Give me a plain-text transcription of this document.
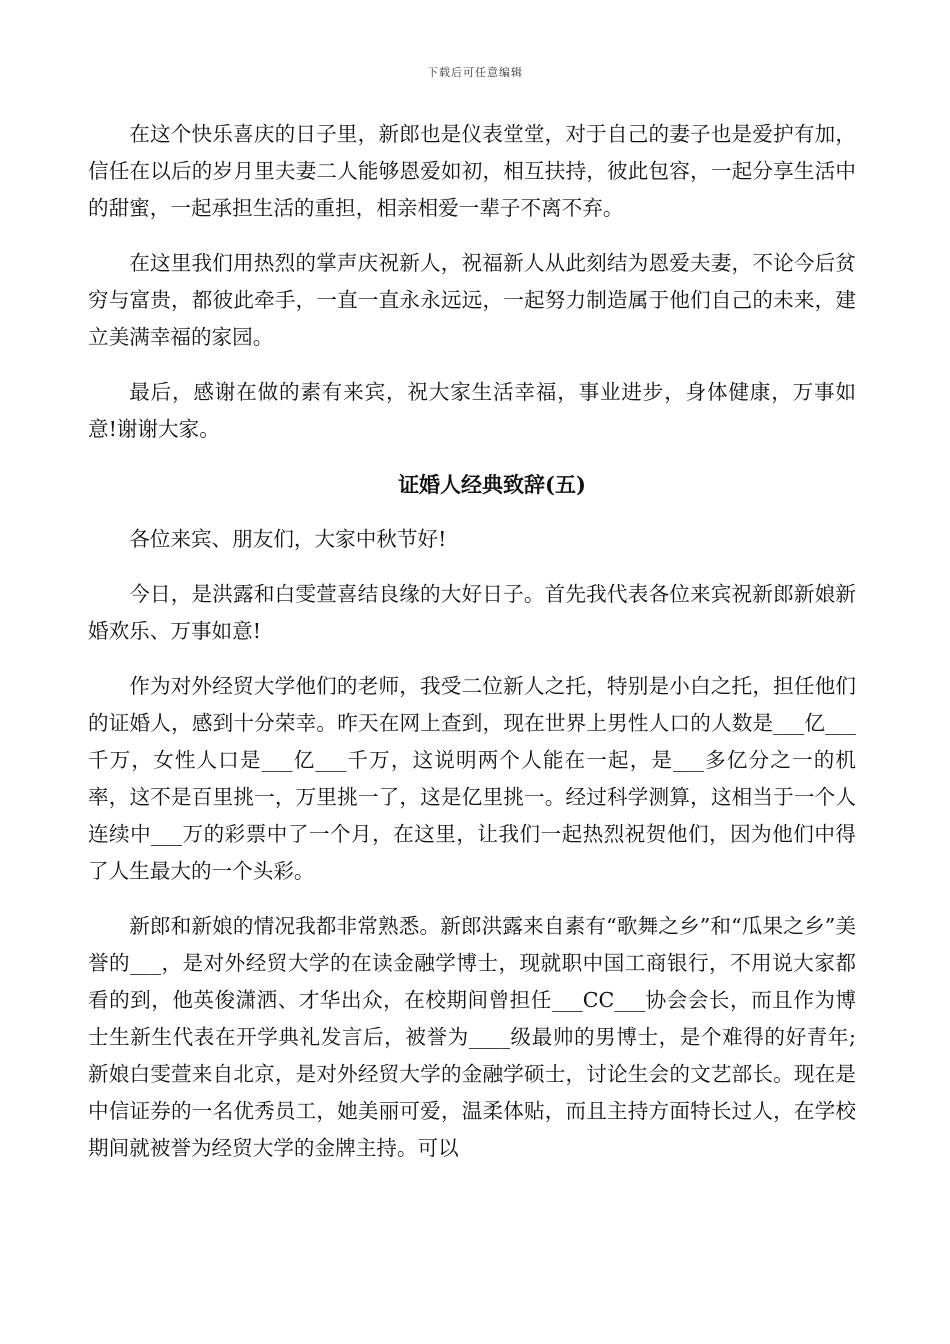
下载后可任意编辑

在这个快乐喜庆的日子里，新郎也是仪表堂堂，对于自己的妻子也是爱护有加，信任在以后的岁月里夫妻二人能够恩爱如初，相互扶持，彼此包容，一起分享生活中的甜蜜，一起承担生活的重担，相亲相爱一辈子不离不弃。

在这里我们用热烈的掌声庆祝新人，祝福新人从此刻结为恩爱夫妻，不论今后贫穷与富贵，都彼此牵手，一直一直永永远远，一起努力制造属于他们自己的未来，建立美满幸福的家园。

最后，感谢在做的素有来宾，祝大家生活幸福，事业进步，身体健康，万事如意!谢谢大家。

证婚人经典致辞(五)

各位来宾、朋友们，大家中秋节好!

今日，是洪露和白雯萱喜结良缘的大好日子。首先我代表各位来宾祝新郎新娘新婚欢乐、万事如意!

作为对外经贸大学他们的老师，我受二位新人之托，特别是小白之托，担任他们的证婚人，感到十分荣幸。昨天在网上查到，现在世界上男性人口的人数是___亿___千万，女性人口是___亿___千万，这说明两个人能在一起，是___多亿分之一的机率，这不是百里挑一，万里挑一了，这是亿里挑一。经过科学测算，这相当于一个人连续中___万的彩票中了一个月，在这里，让我们一起热烈祝贺他们，因为他们中得了人生最大的一个头彩。

新郎和新娘的情况我都非常熟悉。新郎洪露来自素有“歌舞之乡”和“瓜果之乡”美誉的___，是对外经贸大学的在读金融学博士，现就职中国工商银行，不用说大家都看的到，他英俊潇洒、才华出众，在校期间曾担任___CC___协会会长，而且作为博士生新生代表在开学典礼发言后，被誉为____级最帅的男博士，是个难得的好青年;新娘白雯萱来自北京，是对外经贸大学的金融学硕士，讨论生会的文艺部长。现在是中信证券的一名优秀员工，她美丽可爱，温柔体贴，而且主持方面特长过人，在学校期间就被誉为经贸大学的金牌主持。可以
